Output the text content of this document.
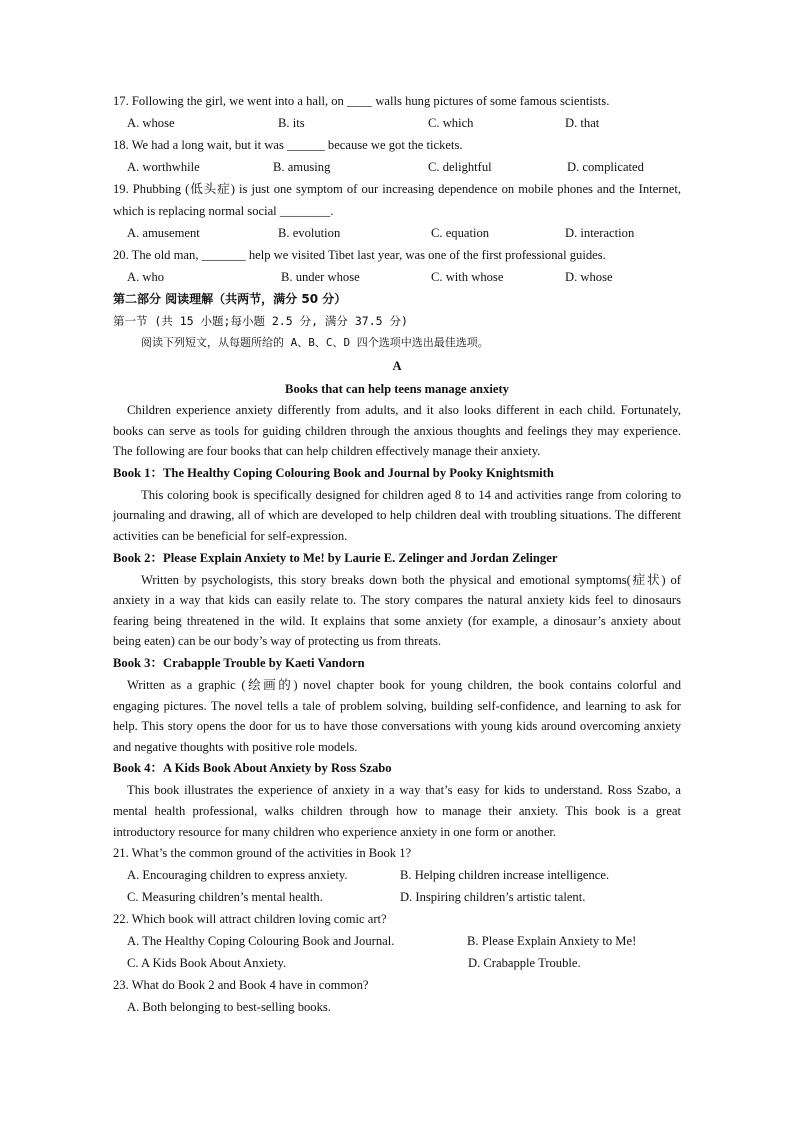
17. Following the girl, we went into a hall, on ____ walls hung pictures of some famous scientists.
A. whose	B. its	C. which	D. that
18. We had a long wait, but it was ______ because we got the tickets.
A. worthwhile	B. amusing	C. delightful	D. complicated
19. Phubbing (低头症) is just one symptom of our increasing dependence on mobile phones and the Internet, which is replacing normal social ________.
A. amusement	B. evolution	C. equation	D. interaction
20. The old man, _______ help we visited Tibet last year, was one of the first professional guides.
A. who	B. under whose	C. with whose	D. whose
第二部分 阅读理解（共两节，满分 50 分）
第一节 (共 15 小题;每小题 2.5 分, 满分 37.5 分)
阅读下列短文，从每题所给的 A、B、C、D 四个选项中选出最佳选项。
A
Books that can help teens manage anxiety
Children experience anxiety differently from adults, and it also looks different in each child. Fortunately, books can serve as tools for guiding children through the anxious thoughts and feelings they may experience. The following are four books that can help children effectively manage their anxiety.
Book 1：The Healthy Coping Colouring Book and Journal by Pooky Knightsmith
This coloring book is specifically designed for children aged 8 to 14 and activities range from coloring to journaling and drawing, all of which are developed to help children deal with troubling situations. The different activities can be beneficial for self-expression.
Book 2：Please Explain Anxiety to Me! by Laurie E. Zelinger and Jordan Zelinger
Written by psychologists, this story breaks down both the physical and emotional symptoms(症状) of anxiety in a way that kids can easily relate to. The story compares the natural anxiety kids feel to dinosaurs fearing being threatened in the wild. It explains that some anxiety (for example, a dinosaur’s anxiety about being eaten) can be our body’s way of protecting us from threats.
Book 3：Crabapple Trouble by Kaeti Vandorn
Written as a graphic (绘画的) novel chapter book for young children, the book contains colorful and engaging pictures. The novel tells a tale of problem solving, building self-confidence, and learning to ask for help. This story opens the door for us to have those conversations with young kids around overcoming anxiety and negative thoughts with positive role models.
Book 4：A Kids Book About Anxiety by Ross Szabo
This book illustrates the experience of anxiety in a way that’s easy for kids to understand. Ross Szabo, a mental health professional, walks children through how to manage their anxiety. This book is a great introductory resource for many children who experience anxiety in one form or another.
21. What’s the common ground of the activities in Book 1?
A. Encouraging children to express anxiety.	B. Helping children increase intelligence.
C. Measuring children’s mental health.	D. Inspiring children’s artistic talent.
22. Which book will attract children loving comic art?
A. The Healthy Coping Colouring Book and Journal.	B. Please Explain Anxiety to Me!
C. A Kids Book About Anxiety.	D. Crabapple Trouble.
23. What do Book 2 and Book 4 have in common?
A. Both belonging to best-selling books.
